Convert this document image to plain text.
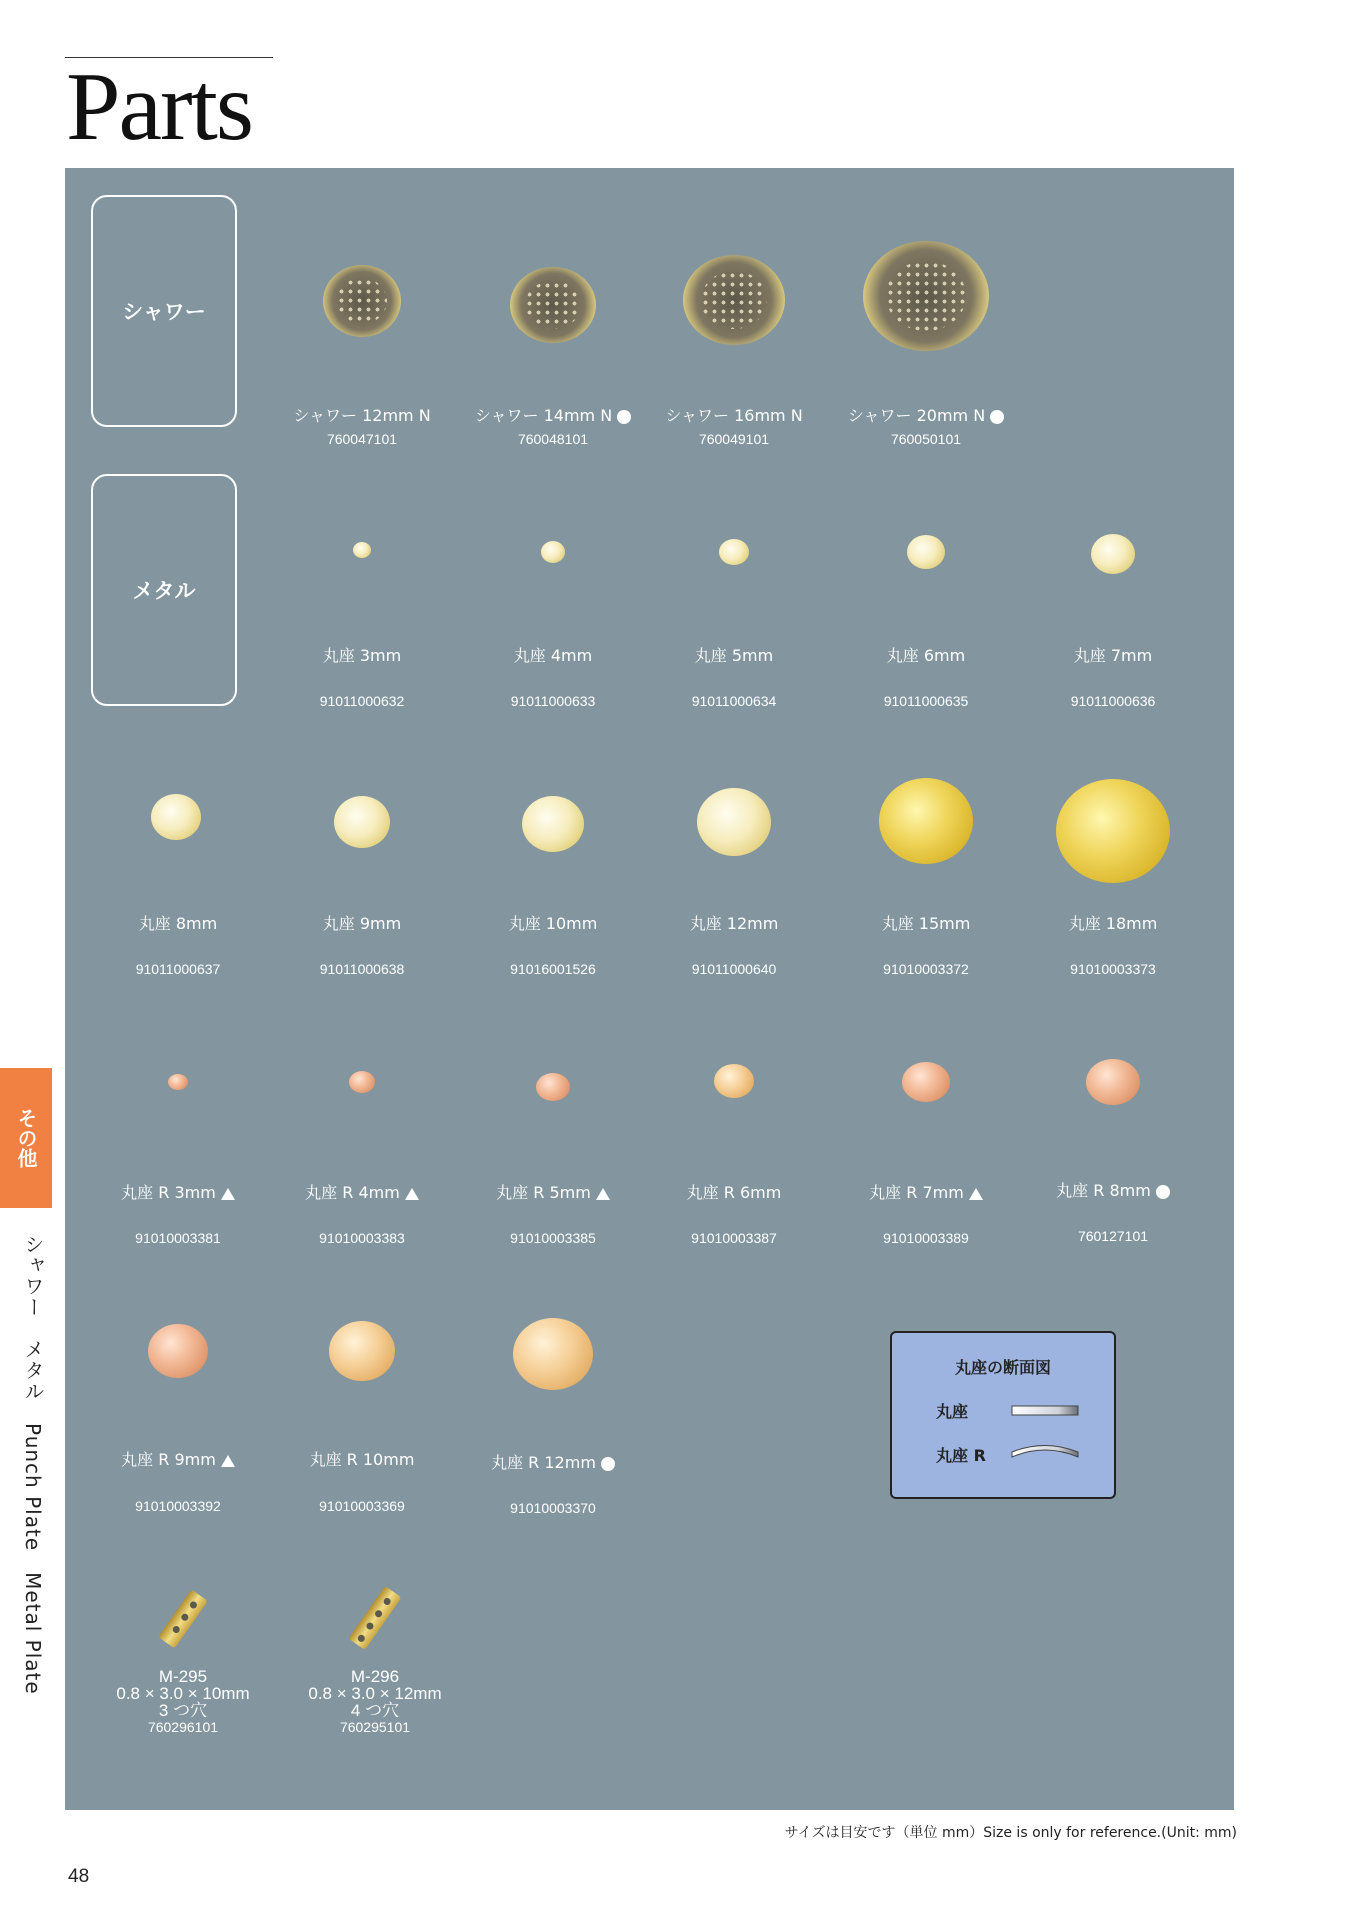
Parts
シャワー
メタル
シャワー 12mm N
760047101
シャワー 14mm N
760048101
シャワー 16mm N
760049101
シャワー 20mm N
760050101
丸座 3mm
91011000632
丸座 4mm
91011000633
丸座 5mm
91011000634
丸座 6mm
91011000635
丸座 7mm
91011000636
丸座 8mm
91011000637
丸座 9mm
91011000638
丸座 10mm
91016001526
丸座 12mm
91011000640
丸座 15mm
91010003372
丸座 18mm
91010003373
丸座 R 3mm
91010003381
丸座 R 4mm
91010003383
丸座 R 5mm
91010003385
丸座 R 6mm
91010003387
丸座 R 7mm
91010003389
丸座 R 8mm
760127101
丸座 R 9mm
91010003392
丸座 R 10mm
91010003369
丸座 R 12mm
91010003370
M-295
0.8 × 3.0 × 10mm
3 つ穴
760296101
M-296
0.8 × 3.0 × 12mm
4 つ穴
760295101
丸座の断面図
丸座
丸座 R
その他
シャワー　メタル　Punch Plate　Metal Plate
サイズは目安です（単位 mm）Size is only for reference.(Unit: mm)
48
